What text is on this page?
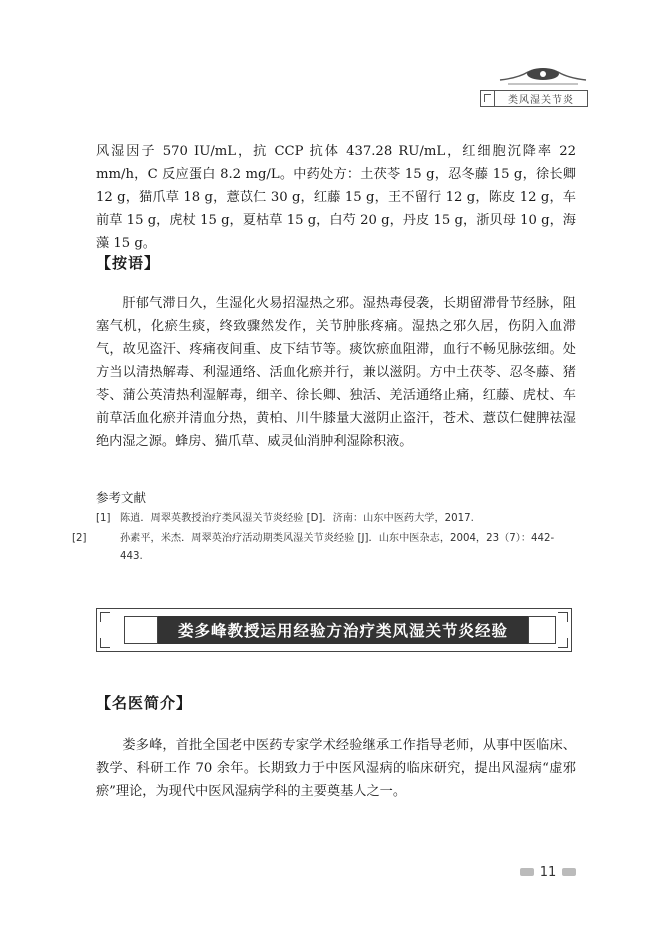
类风湿关节炎
风湿因子 570 IU/mL，抗 CCP 抗体 437.28 RU/mL，红细胞沉降率 22 mm/h，C 反应蛋白 8.2 mg/L。中药处方：土茯苓 15 g，忍冬藤 15 g，徐长卿 12 g，猫爪草 18 g，薏苡仁 30 g，红藤 15 g，王不留行 12 g，陈皮 12 g，车前草 15 g，虎杖 15 g，夏枯草 15 g，白芍 20 g，丹皮 15 g，浙贝母 10 g，海藻 15 g。
【按语】
肝郁气滞日久，生湿化火易招湿热之邪。湿热毒侵袭，长期留滞骨节经脉，阻塞气机，化瘀生痰，终致骤然发作，关节肿胀疼痛。湿热之邪久居，伤阴入血滞气，故见盗汗、疼痛夜间重、皮下结节等。痰饮瘀血阻滞，血行不畅见脉弦细。处方当以清热解毒、利湿通络、活血化瘀并行，兼以滋阴。方中土茯苓、忍冬藤、猪苓、蒲公英清热利湿解毒，细辛、徐长卿、独活、羌活通络止痛，红藤、虎杖、车前草活血化瘀并清血分热，黄柏、川牛膝量大滋阴止盗汗，苍术、薏苡仁健脾祛湿绝内湿之源。蜂房、猫爪草、威灵仙消肿利湿除积液。
参考文献
[1] 陈逍．周翠英教授治疗类风湿关节炎经验 [D]．济南：山东中医药大学，2017.
[2]	孙素平，米杰．周翠英治疗活动期类风湿关节炎经验 [J]．山东中医杂志，2004，23（7）：442-443.
娄多峰教授运用经验方治疗类风湿关节炎经验
【名医简介】
娄多峰，首批全国老中医药专家学术经验继承工作指导老师，从事中医临床、教学、科研工作 70 余年。长期致力于中医风湿病的临床研究，提出风湿病“虚邪瘀”理论，为现代中医风湿病学科的主要奠基人之一。
11
